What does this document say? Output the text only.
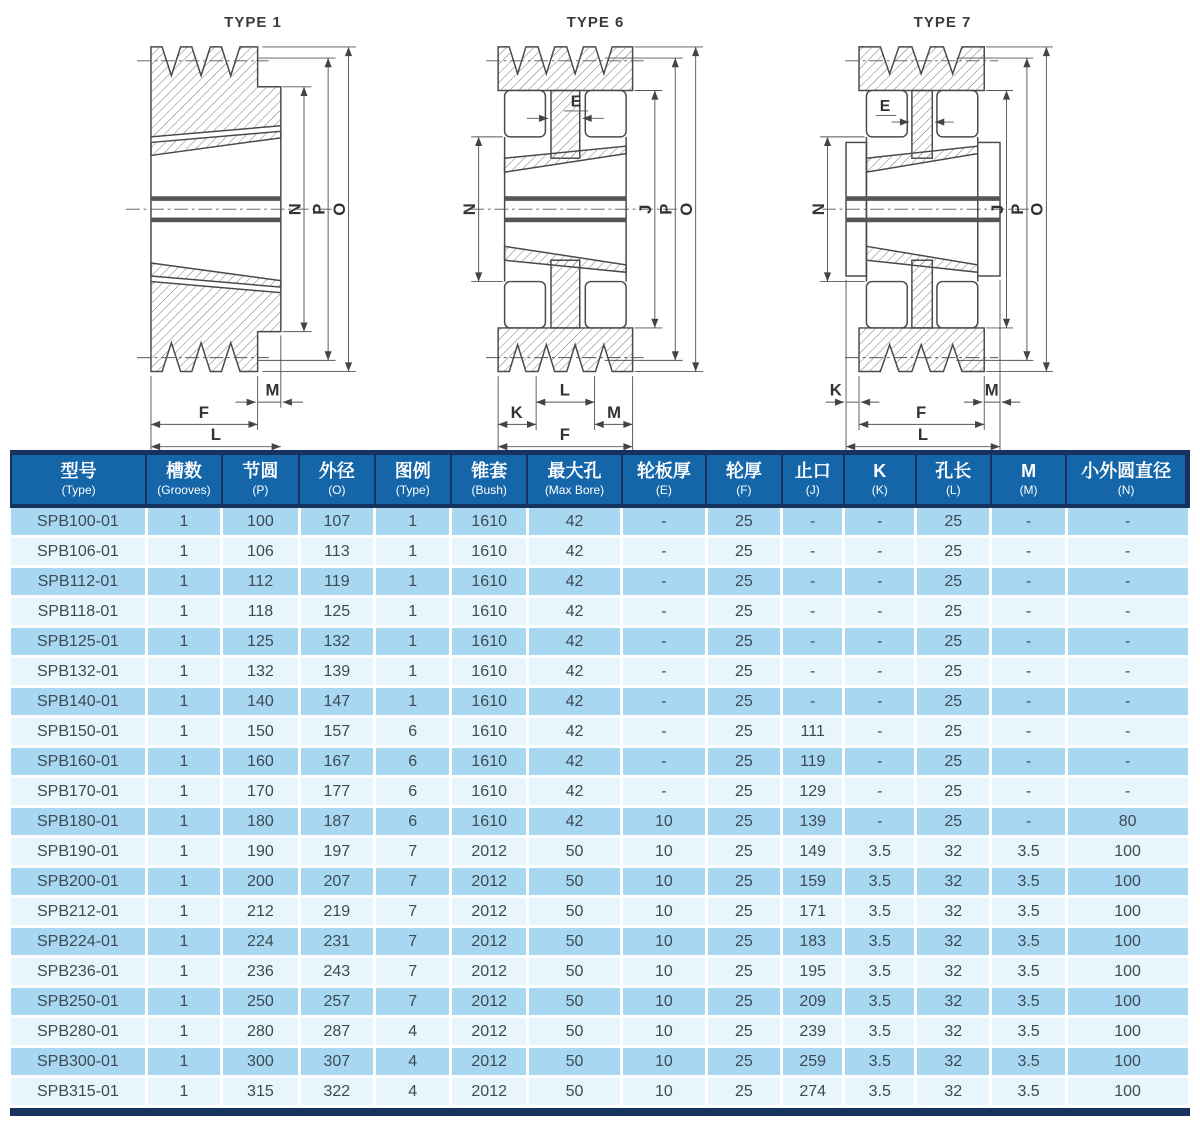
TYPE 1
N P O
M
F
L
TYPE 6
E
N	J P O
L
K	M
F
TYPE 7
E
N	J P O
K	M
F
L
型号
(Type)

槽数
(Grooves)

节圆
(P)

外径
(O)

图例
(Type)

锥套
(Bush)

最大孔
(Max Bore)

轮板厚
(E)

轮厚
(F)

止口
(J)

K
(K)

孔长
(L)

M
(M)

小外圆直径
(N)

SPB100-01	1	100	107	1	1610	42	-	25	-	-	25	-	-
SPB106-01	1	106	113	1	1610	42	-	25	-	-	25	-	-
SPB112-01	1	112	119	1	1610	42	-	25	-	-	25	-	-
SPB118-01	1	118	125	1	1610	42	-	25	-	-	25	-	-
SPB125-01	1	125	132	1	1610	42	-	25	-	-	25	-	-
SPB132-01	1	132	139	1	1610	42	-	25	-	-	25	-	-
SPB140-01	1	140	147	1	1610	42	-	25	-	-	25	-	-
SPB150-01	1	150	157	6	1610	42	-	25	111	-	25	-	-
SPB160-01	1	160	167	6	1610	42	-	25	119	-	25	-	-
SPB170-01	1	170	177	6	1610	42	-	25	129	-	25	-	-
SPB180-01	1	180	187	6	1610	42	10	25	139	-	25	-	80
SPB190-01	1	190	197	7	2012	50	10	25	149	3.5	32	3.5	100
SPB200-01	1	200	207	7	2012	50	10	25	159	3.5	32	3.5	100
SPB212-01	1	212	219	7	2012	50	10	25	171	3.5	32	3.5	100
SPB224-01	1	224	231	7	2012	50	10	25	183	3.5	32	3.5	100
SPB236-01	1	236	243	7	2012	50	10	25	195	3.5	32	3.5	100
SPB250-01	1	250	257	7	2012	50	10	25	209	3.5	32	3.5	100
SPB280-01	1	280	287	4	2012	50	10	25	239	3.5	32	3.5	100
SPB300-01	1	300	307	4	2012	50	10	25	259	3.5	32	3.5	100
SPB315-01	1	315	322	4	2012	50	10	25	274	3.5	32	3.5	100
